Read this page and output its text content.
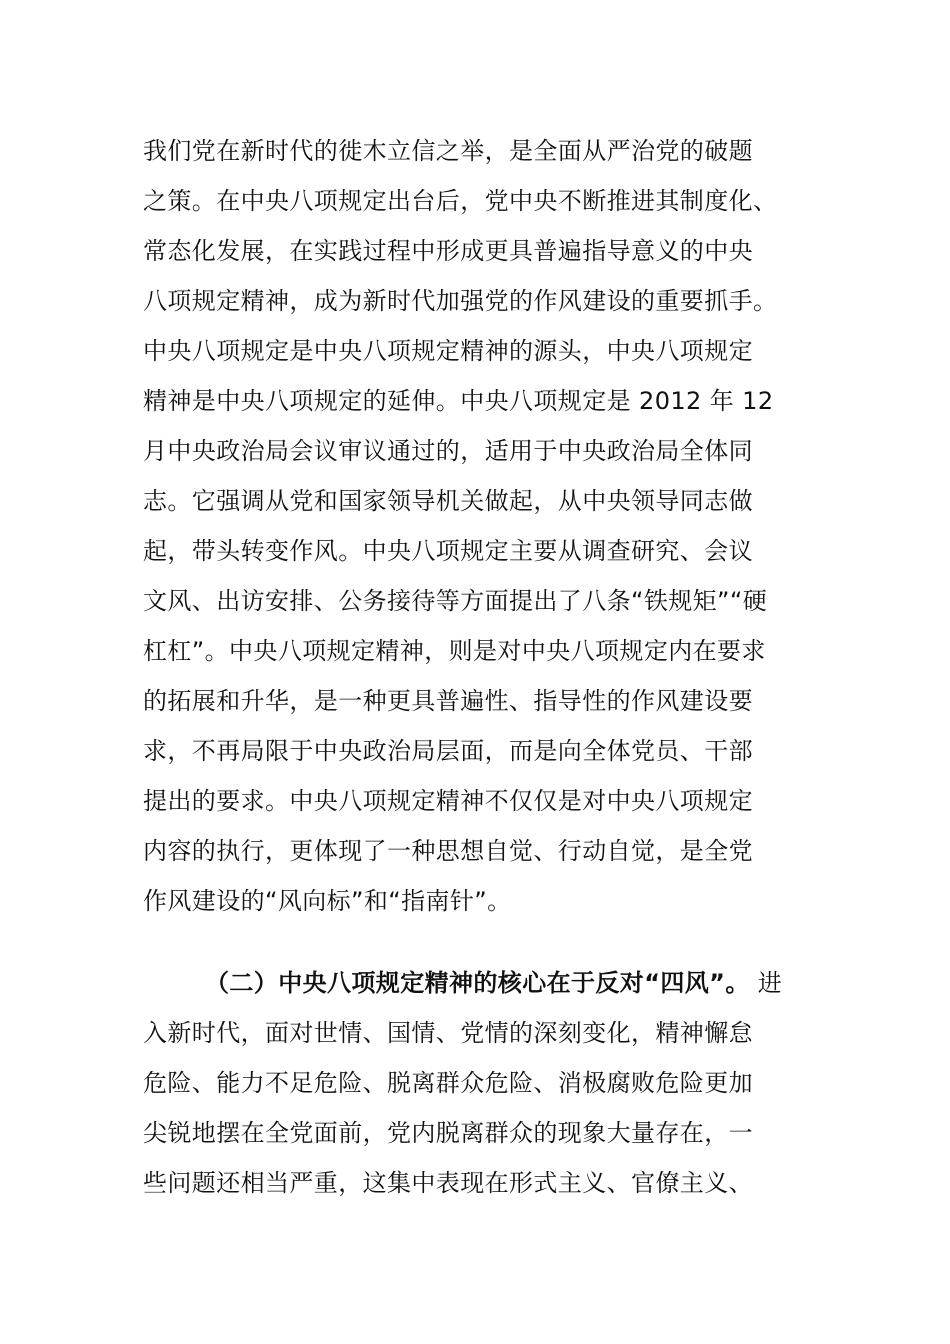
我们党在新时代的徙木立信之举，是全面从严治党的破题
之策。在中央八项规定出台后，党中央不断推进其制度化、
常态化发展，在实践过程中形成更具普遍指导意义的中央
八项规定精神，成为新时代加强党的作风建设的重要抓手。
中央八项规定是中央八项规定精神的源头，中央八项规定
精神是中央八项规定的延伸。中央八项规定是 2012 年 12
月中央政治局会议审议通过的，适用于中央政治局全体同
志。它强调从党和国家领导机关做起，从中央领导同志做
起，带头转变作风。中央八项规定主要从调查研究、会议
文风、出访安排、公务接待等方面提出了八条“铁规矩”“硬
杠杠”。中央八项规定精神，则是对中央八项规定内在要求
的拓展和升华，是一种更具普遍性、指导性的作风建设要
求，不再局限于中央政治局层面，而是向全体党员、干部
提出的要求。中央八项规定精神不仅仅是对中央八项规定
内容的执行，更体现了一种思想自觉、行动自觉，是全党
作风建设的“风向标”和“指南针”。
（二）中央八项规定精神的核心在于反对“四风”。 进
入新时代，面对世情、国情、党情的深刻变化，精神懈怠
危险、能力不足危险、脱离群众危险、消极腐败危险更加
尖锐地摆在全党面前，党内脱离群众的现象大量存在，一
些问题还相当严重，这集中表现在形式主义、官僚主义、
